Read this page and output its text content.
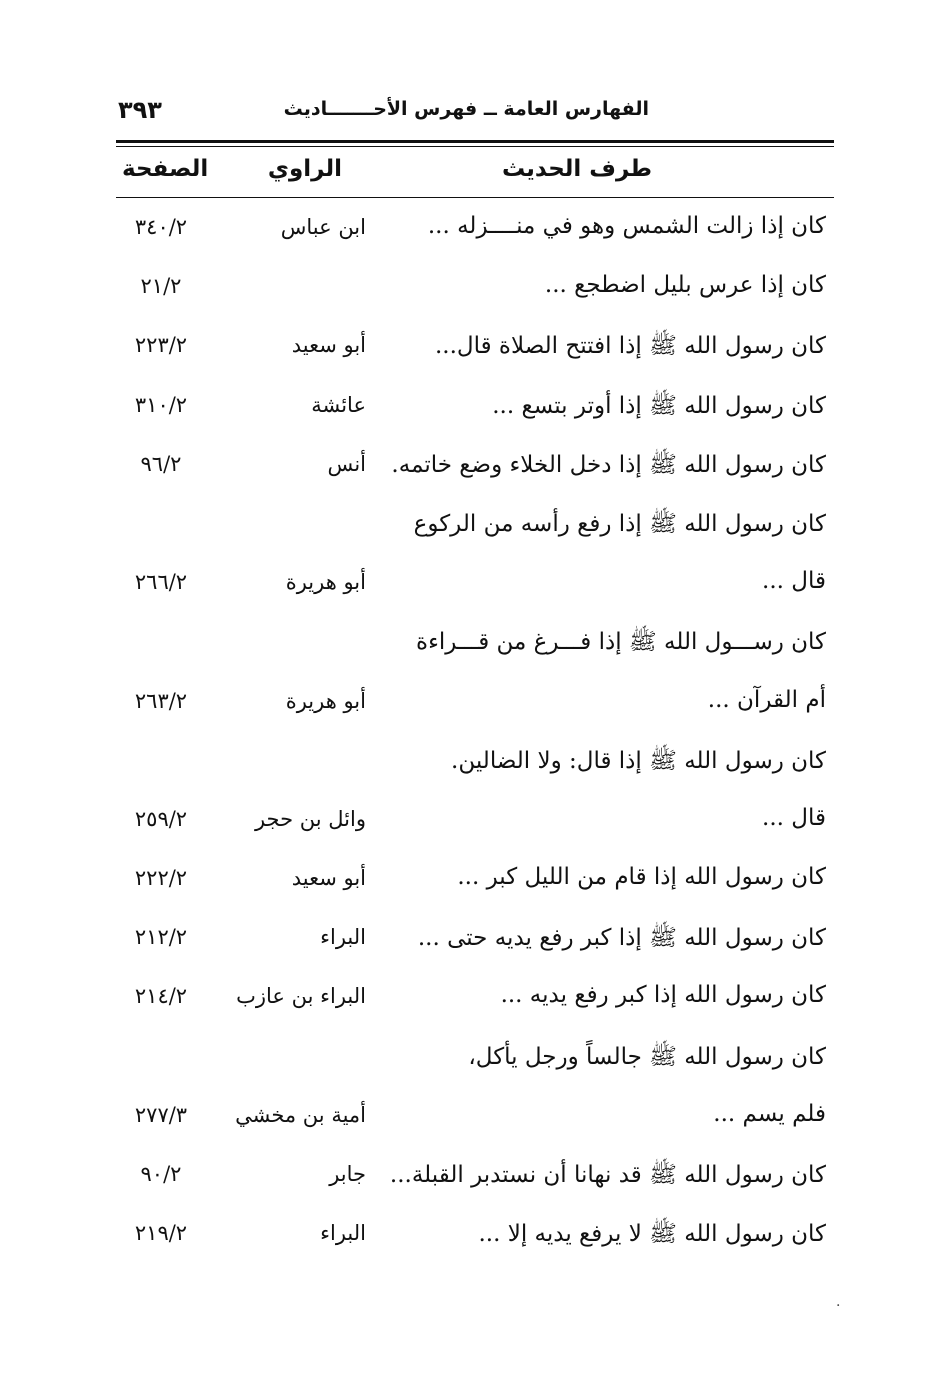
٣٩٣	الفهارس العامة ــ فهرس الأحـــــــاديث
طرف الحديث
الراوي
الصفحة
كان إذا زالت الشمس وهو في منــــزله ...
ابن عباس
٣٤٠/٢
كان إذا عرس بليل اضطجع ...
٢١/٢
كان رسول الله ﷺ إذا افتتح الصلاة قال...
أبو سعيد
٢٢٣/٢
كان رسول الله ﷺ إذا أوتر بتسع ...
عائشة
٣١٠/٢
كان رسول الله ﷺ إذا دخل الخلاء وضع خاتمه.
أنس
٩٦/٢
كان رسول الله ﷺ إذا رفع رأسه من الركوع
قال ...
أبو هريرة
٢٦٦/٢
كان رســـول الله ﷺ إذا فـــرغ من قـــراءة
أم القرآن ...
أبو هريرة
٢٦٣/٢
كان رسول الله ﷺ إذا قال: ولا الضالين.
قال ...
وائل بن حجر
٢٥٩/٢
كان رسول الله إذا قام من الليل كبر ...
أبو سعيد
٢٢٢/٢
كان رسول الله ﷺ إذا كبر رفع يديه حتى ...
البراء
٢١٢/٢
كان رسول الله إذا كبر رفع يديه ...
البراء بن عازب
٢١٤/٢
كان رسول الله ﷺ جالساً ورجل يأكل،
فلم يسم ...
أمية بن مخشي
٢٧٧/٣
كان رسول الله ﷺ قد نهانا أن نستدبر القبلة...
جابر
٩٠/٢
كان رسول الله ﷺ لا يرفع يديه إلا ...
البراء
٢١٩/٢
·
